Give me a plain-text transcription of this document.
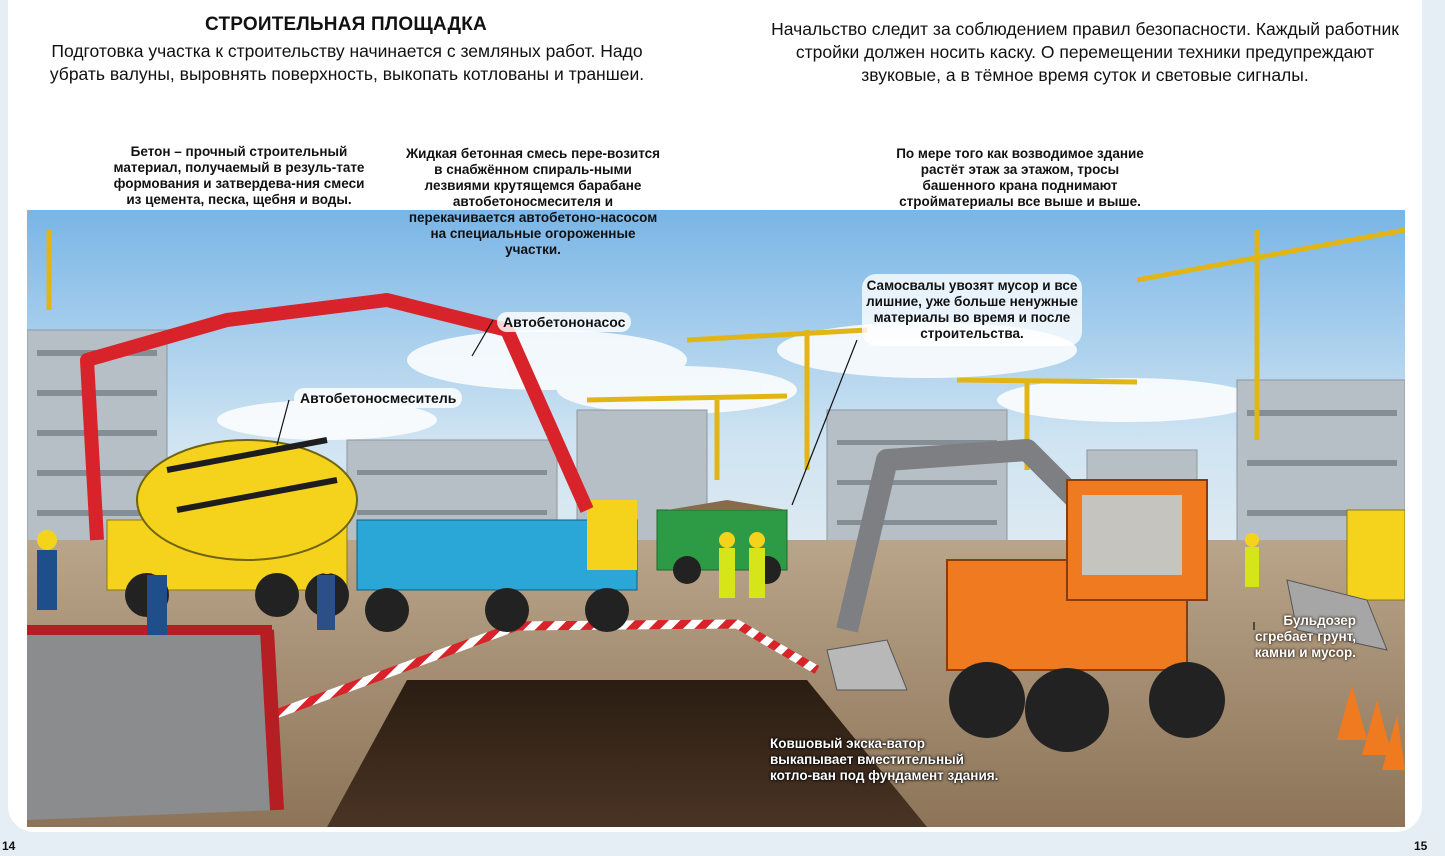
СТРОИТЕЛЬНАЯ ПЛОЩАДКА
Подготовка участка к строительству начинается с земляных работ. Надо убрать валуны, выровнять поверхность, выкопать котлованы и траншеи.
Начальство следит за соблюдением правил безопасности. Каждый работник стройки должен носить каску. О перемещении техники предупреждают звуковые, а в тёмное время суток и световые сигналы.
Бетон – прочный строительный материал, получаемый в резуль-тате формования и затвердева-ния смеси из цемента, песка, щебня и воды.
Жидкая бетонная смесь пере-возится в снабжённом спираль-ными лезвиями крутящемся барабане автобетоносмесителя и перекачивается автобетоно-насосом на специальные огороженные участки.
По мере того как возводимое здание растёт этаж за этажом, тросы башенного крана поднимают стройматериалы все выше и выше.
Самосвалы увозят мусор и все лишние, уже больше ненужные материалы во время и после строительства.
Бульдозер сгребает грунт, камни и мусор.
Ковшовый экска-ватор выкапывает вместительный котло-ван под фундамент здания.
Автобетононасос
Автобетоносмеситель
14	15
